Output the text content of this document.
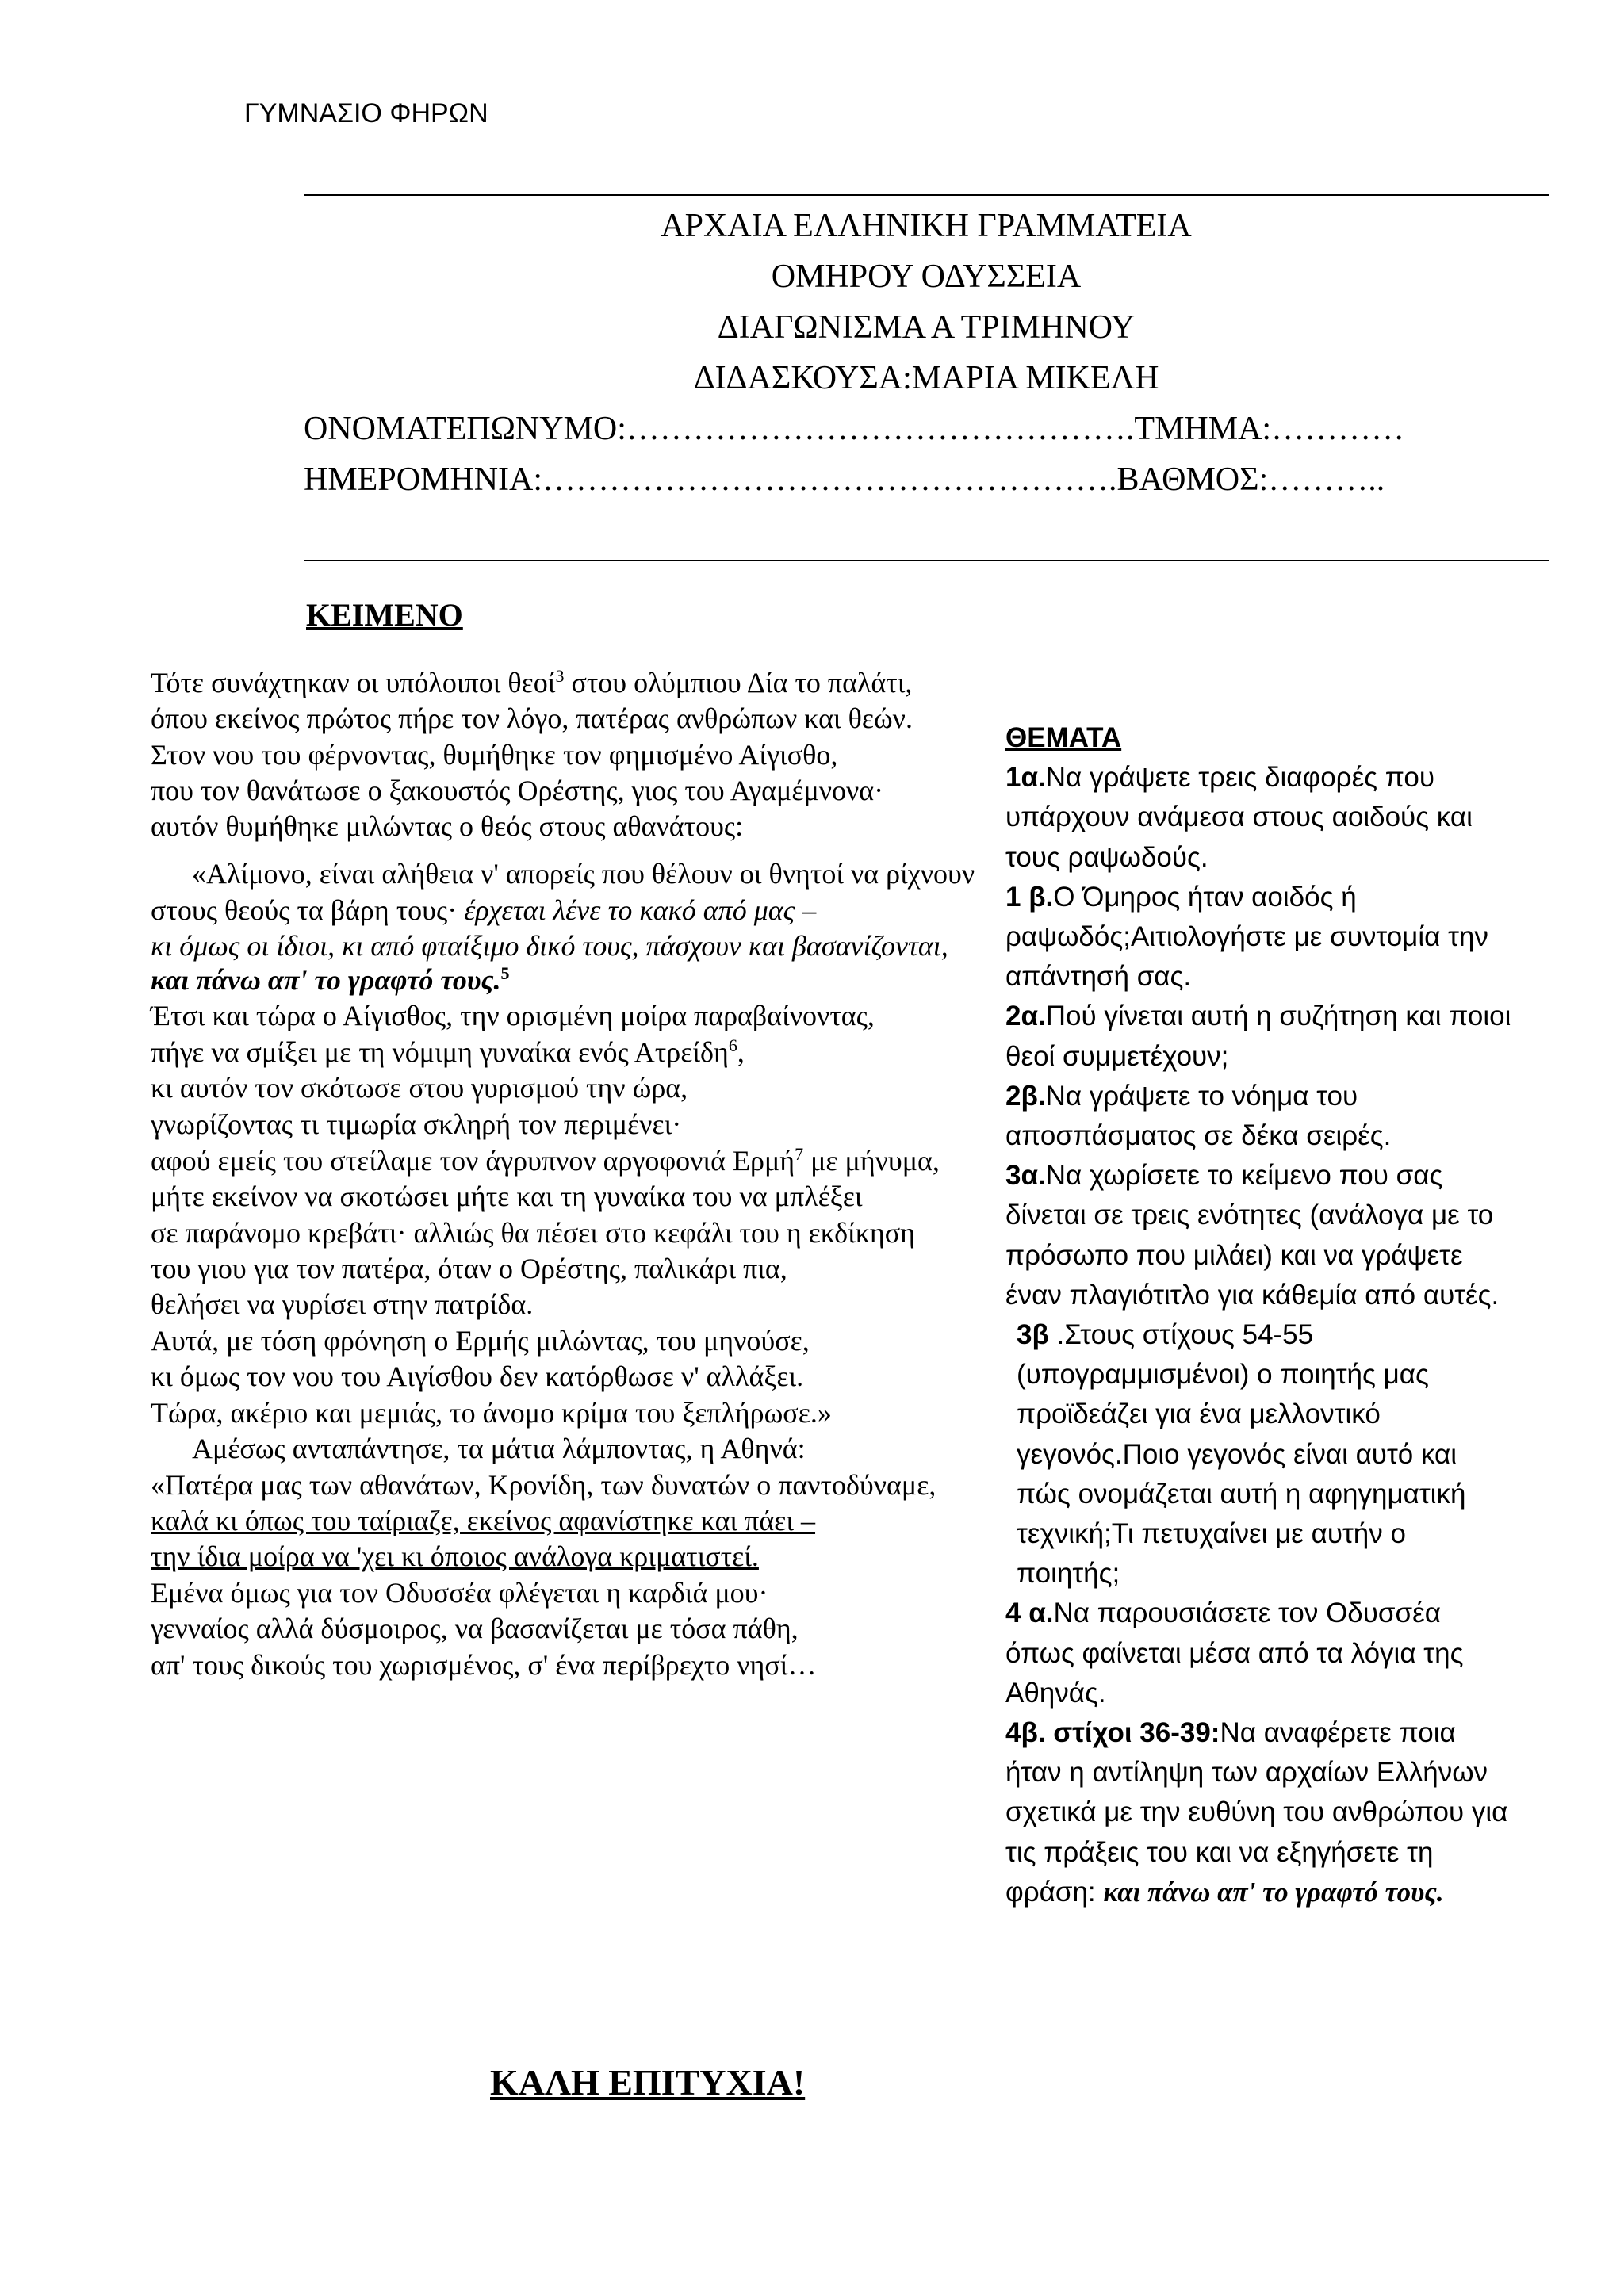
ΓΥΜΝΑΣΙΟ ΦΗΡΩΝ
ΑΡΧΑΙΑ ΕΛΛΗΝΙΚΗ ΓΡΑΜΜΑΤΕΙΑ
ΟΜΗΡΟΥ ΟΔΥΣΣΕΙΑ
ΔΙΑΓΩΝΙΣΜΑ Α ΤΡΙΜΗΝΟΥ
ΔΙΔΑΣΚΟΥΣΑ:ΜΑΡΙΑ ΜΙΚΕΛΗ
ΟΝΟΜΑΤΕΠΩΝΥΜΟ:……………………………………….ΤΜΗΜΑ:…………
ΗΜΕΡΟΜΗΝΙΑ:…………………………………………….ΒΑΘΜΟΣ:………..
ΚΕΙΜΕΝΟ
Τότε συνάχτηκαν οι υπόλοιποι θεοί$^3$ στου ολύμπιου Δία το παλάτι,
όπου εκείνος πρώτος πήρε τον λόγο, πατέρας ανθρώπων και θεών.
Στον νου του φέρνοντας, θυμήθηκε τον φημισμένο Αίγισθο,
που τον θανάτωσε ο ξακουστός Ορέστης, γιος του Αγαμέμνονα·
αυτόν θυμήθηκε μιλώντας ο θεός στους αθανάτους:
«Αλίμονο, είναι αλήθεια ν' απορείς που θέλουν οι θνητοί να ρίχνουν
στους θεούς τα βάρη τους· έρχεται λένε το κακό από μας –
κι όμως οι ίδιοι, κι από φταίξιμο δικό τους, πάσχουν και βασανίζονται,
και πάνω απ' το γραφτό τους.$^5$
Έτσι και τώρα ο Αίγισθος, την ορισμένη μοίρα παραβαίνοντας,
πήγε να σμίξει με τη νόμιμη γυναίκα ενός Ατρείδη$^6$,
κι αυτόν τον σκότωσε στου γυρισμού την ώρα,
γνωρίζοντας τι τιμωρία σκληρή τον περιμένει·
αφού εμείς του στείλαμε τον άγρυπνον αργοφονιά Ερμή$^7$ με μήνυμα,
μήτε εκείνον να σκοτώσει μήτε και τη γυναίκα του να μπλέξει
σε παράνομο κρεβάτι· αλλιώς θα πέσει στο κεφάλι του η εκδίκηση
του γιου για τον πατέρα, όταν ο Ορέστης, παλικάρι πια,
θελήσει να γυρίσει στην πατρίδα.
Αυτά, με τόση φρόνηση ο Ερμής μιλώντας, του μηνούσε,
κι όμως τον νου του Αιγίσθου δεν κατόρθωσε ν' αλλάξει.
Τώρα, ακέριο και μεμιάς, το άνομο κρίμα του ξεπλήρωσε.»
Αμέσως ανταπάντησε, τα μάτια λάμποντας, η Αθηνά:
«Πατέρα μας των αθανάτων, Κρονίδη, των δυνατών ο παντοδύναμε,
καλά κι όπως του ταίριαζε, εκείνος αφανίστηκε και πάει –
την ίδια μοίρα να 'χει κι όποιος ανάλογα κριματιστεί.
Εμένα όμως για τον Οδυσσέα φλέγεται η καρδιά μου·
γενναίος αλλά δύσμοιρος, να βασανίζεται με τόσα πάθη,
απ' τους δικούς του χωρισμένος, σ' ένα περίβρεχτο νησί…
ΘΕΜΑΤΑ
1α.Να γράψετε τρεις διαφορές που υπάρχουν ανάμεσα στους αοιδούς και τους ραψωδούς.
1 β.Ο Όμηρος ήταν αοιδός ή ραψωδός;Αιτιολογήστε με συντομία την απάντησή σας.
2α.Πού γίνεται αυτή η συζήτηση και ποιοι θεοί συμμετέχουν;
2β.Να γράψετε το νόημα του αποσπάσματος σε δέκα σειρές.
3α.Να χωρίσετε το κείμενο που σας δίνεται σε τρεις ενότητες (ανάλογα με το πρόσωπο που μιλάει) και να γράψετε έναν πλαγιότιτλο για κάθεμία από αυτές.
3β .Στους στίχους 54-55 (υπογραμμισμένοι) ο ποιητής μας προϊδεάζει για ένα μελλοντικό γεγονός.Ποιο γεγονός είναι αυτό και πώς ονομάζεται αυτή η αφηγηματική τεχνική;Τι πετυχαίνει με αυτήν ο ποιητής;
4 α.Να παρουσιάσετε τον Οδυσσέα όπως φαίνεται μέσα από τα λόγια της Αθηνάς.
4β. στίχοι 36-39:Να αναφέρετε ποια ήταν η αντίληψη των αρχαίων Ελλήνων σχετικά με την ευθύνη του ανθρώπου για τις πράξεις του και να εξηγήσετε τη φράση: και πάνω απ' το γραφτό τους.
ΚΑΛΗ ΕΠΙΤΥΧΙΑ!
